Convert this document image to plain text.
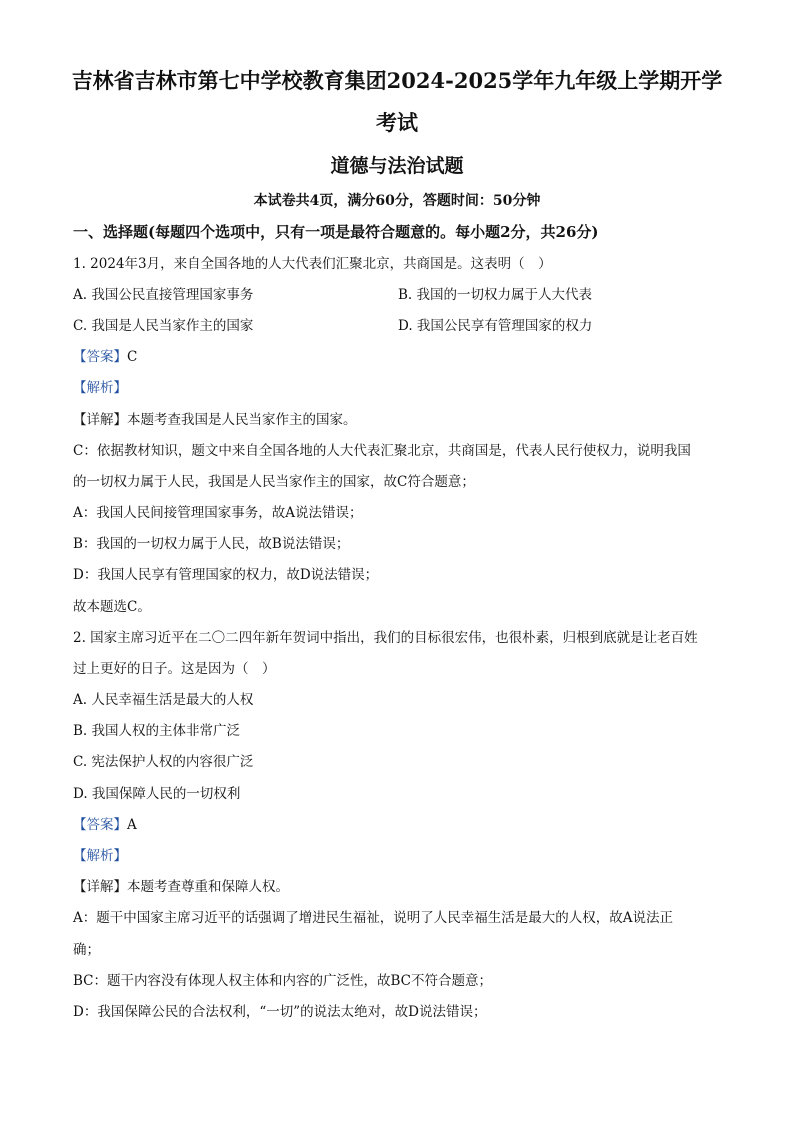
吉林省吉林市第七中学校教育集团2024-2025学年九年级上学期开学
考试
道德与法治试题
本试卷共4页，满分60分，答题时间：50分钟
一、选择题(每题四个选项中，只有一项是最符合题意的。每小题2分，共26分)
1. 2024年3月，来自全国各地的人大代表们汇聚北京，共商国是。这表明（　）
A. 我国公民直接管理国家事务	B. 我国的一切权力属于人大代表
C. 我国是人民当家作主的国家	D. 我国公民享有管理国家的权力
【答案】C
【解析】
【详解】本题考查我国是人民当家作主的国家。
C：依据教材知识，题文中来自全国各地的人大代表汇聚北京，共商国是，代表人民行使权力，说明我国
的一切权力属于人民，我国是人民当家作主的国家，故C符合题意；
A：我国人民间接管理国家事务，故A说法错误；
B：我国的一切权力属于人民，故B说法错误；
D：我国人民享有管理国家的权力，故D说法错误；
故本题选C。
2. 国家主席习近平在二〇二四年新年贺词中指出，我们的目标很宏伟，也很朴素，归根到底就是让老百姓
过上更好的日子。这是因为（　）
A. 人民幸福生活是最大的人权
B. 我国人权的主体非常广泛
C. 宪法保护人权的内容很广泛
D. 我国保障人民的一切权利
【答案】A
【解析】
【详解】本题考查尊重和保障人权。
A：题干中国家主席习近平的话强调了增进民生福祉，说明了人民幸福生活是最大的人权，故A说法正
确；
BC：题干内容没有体现人权主体和内容的广泛性，故BC不符合题意；
D：我国保障公民的合法权利，“一切”的说法太绝对，故D说法错误；
